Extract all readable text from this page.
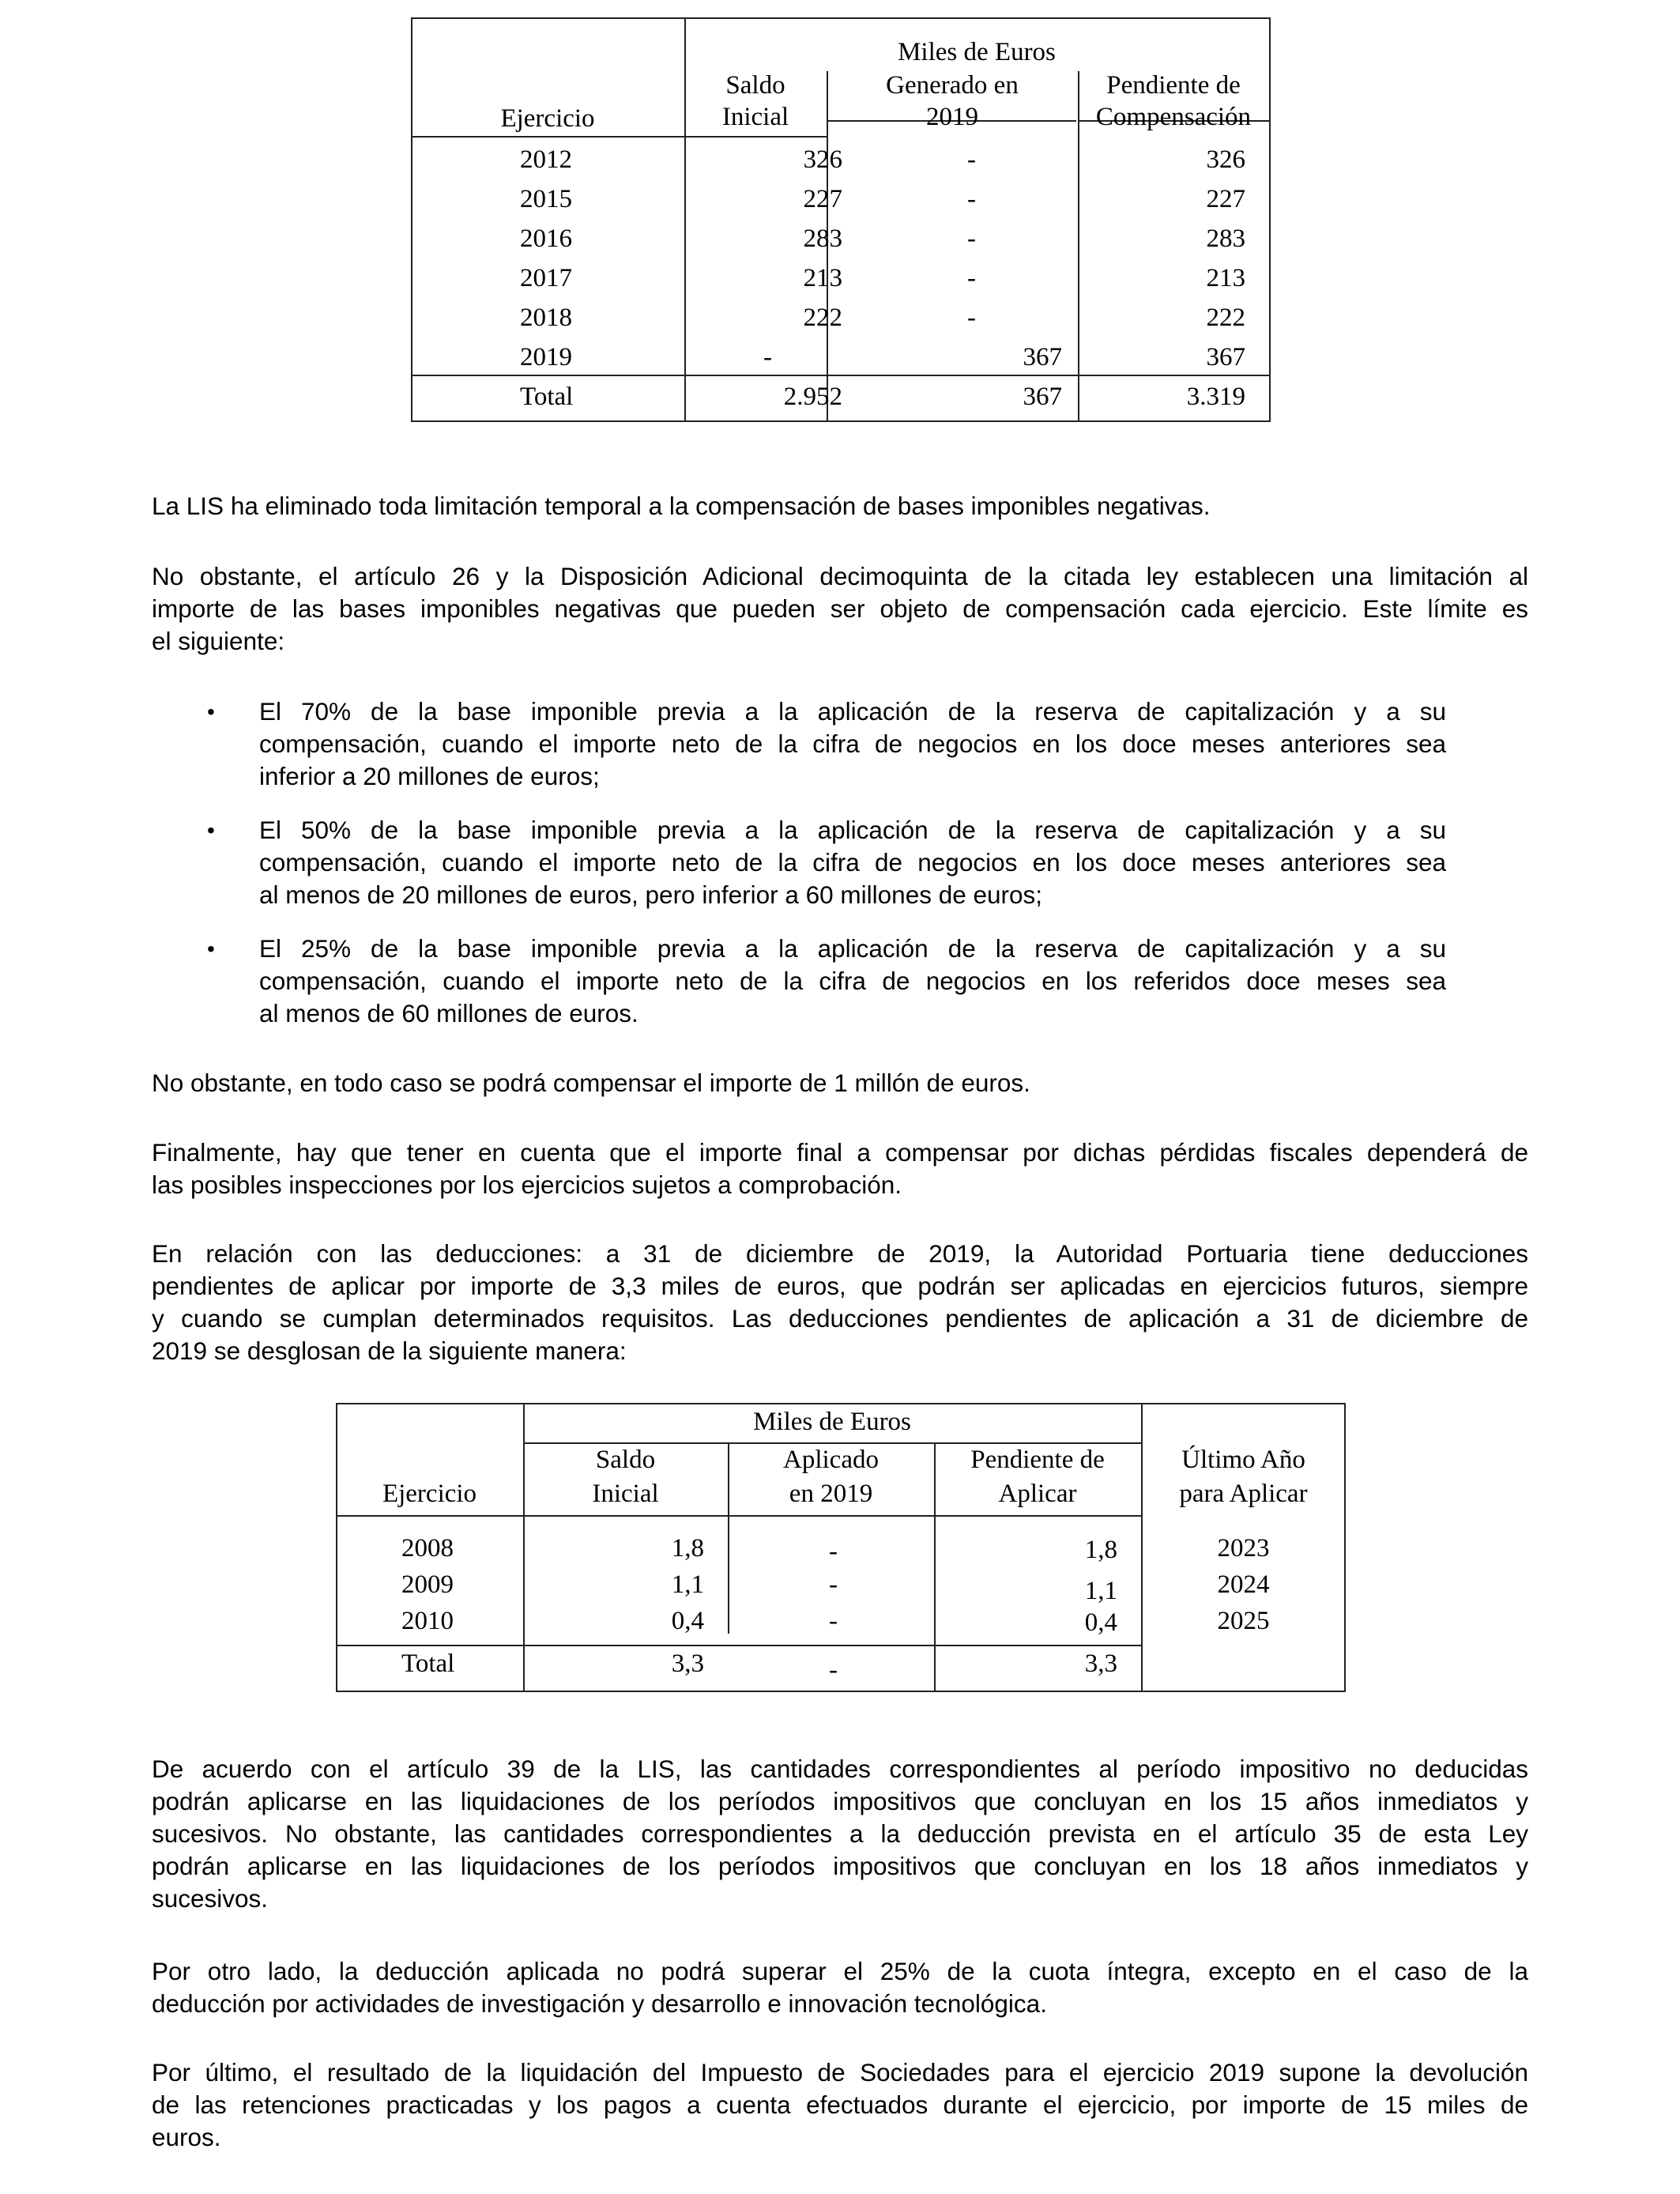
Miles de Euros
Ejercicio
Saldo
Inicial
Generado en
2019
Pendiente de
Compensación
2012	326	-	326
2015	227	-	227
2016	283	-	283
2017	213	-	213
2018	222	-	222
2019	-	367	367
Total	2.952	367	3.319
La LIS ha eliminado toda limitación temporal a la compensación de bases imponibles negativas.
No obstante, el artículo 26 y la Disposición Adicional decimoquinta de la citada ley establecen una limitación al
importe de las bases imponibles negativas que pueden ser objeto de compensación cada ejercicio. Este límite es
el siguiente:
• El 70% de la base imponible previa a la aplicación de la reserva de capitalización y a su
compensación, cuando el importe neto de la cifra de negocios en los doce meses anteriores sea
inferior a 20 millones de euros;
• El 50% de la base imponible previa a la aplicación de la reserva de capitalización y a su
compensación, cuando el importe neto de la cifra de negocios en los doce meses anteriores sea
al menos de 20 millones de euros, pero inferior a 60 millones de euros;
• El 25% de la base imponible previa a la aplicación de la reserva de capitalización y a su
compensación, cuando el importe neto de la cifra de negocios en los referidos doce meses sea
al menos de 60 millones de euros.
No obstante, en todo caso se podrá compensar el importe de 1 millón de euros.
Finalmente, hay que tener en cuenta que el importe final a compensar por dichas pérdidas fiscales dependerá de
las posibles inspecciones por los ejercicios sujetos a comprobación.
En relación con las deducciones: a 31 de diciembre de 2019, la Autoridad Portuaria tiene deducciones
pendientes de aplicar por importe de 3,3 miles de euros, que podrán ser aplicadas en ejercicios futuros, siempre
y cuando se cumplan determinados requisitos. Las deducciones pendientes de aplicación a 31 de diciembre de
2019 se desglosan de la siguiente manera:
Miles de Euros
Ejercicio
Saldo
Inicial
Aplicado
en 2019
Pendiente de
Aplicar
Último Año
para Aplicar
2008	1,8	-	1,8	2023
2009	1,1	-	1,1	2024
2010	0,4	-	0,4	2025
Total	3,3	-	3,3
De acuerdo con el artículo 39 de la LIS, las cantidades correspondientes al período impositivo no deducidas
podrán aplicarse en las liquidaciones de los períodos impositivos que concluyan en los 15 años inmediatos y
sucesivos. No obstante, las cantidades correspondientes a la deducción prevista en el artículo 35 de esta Ley
podrán aplicarse en las liquidaciones de los períodos impositivos que concluyan en los 18 años inmediatos y
sucesivos.
Por otro lado, la deducción aplicada no podrá superar el 25% de la cuota íntegra, excepto en el caso de la
deducción por actividades de investigación y desarrollo e innovación tecnológica.
Por último, el resultado de la liquidación del Impuesto de Sociedades para el ejercicio 2019 supone la devolución
de las retenciones practicadas y los pagos a cuenta efectuados durante el ejercicio, por importe de 15 miles de
euros.
